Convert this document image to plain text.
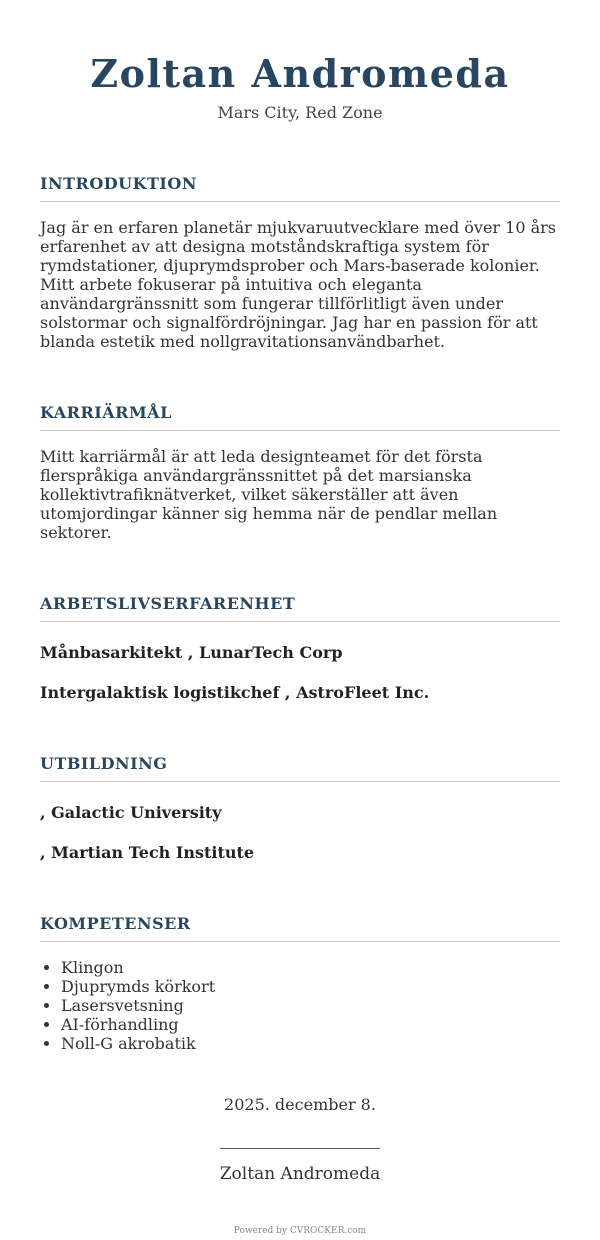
Zoltan Andromeda
Mars City, Red Zone
INTRODUKTION

Jag är en erfaren planetär mjukvaruutvecklare med över 10 års erfarenhet av att designa motståndskraftiga system för rymdstationer, djuprymdsprober och Mars-baserade kolonier. Mitt arbete fokuserar på intuitiva och eleganta användargränssnitt som fungerar tillförlitligt även under solstormar och signalfördröjningar. Jag har en passion för att blanda estetik med nollgravitationsanvändbarhet.

KARRIÄRMÅL

Mitt karriärmål är att leda designteamet för det första flerspråkiga användargränssnittet på det marsianska kollektivtrafiknätverket, vilket säkerställer att även utomjordingar känner sig hemma när de pendlar mellan sektorer.

ARBETSLIVSERFARENHET
Månbasarkitekt , LunarTech Corp
Intergalaktisk logistikchef , AstroFleet Inc.
UTBILDNING
, Galactic University
, Martian Tech Institute
KOMPETENSER
• Klingon
• Djuprymds körkort
• Lasersvetsning
• AI-förhandling
• Noll-G akrobatik
2025. december 8.
Zoltan Andromeda
Powered by CVROCKER.com
